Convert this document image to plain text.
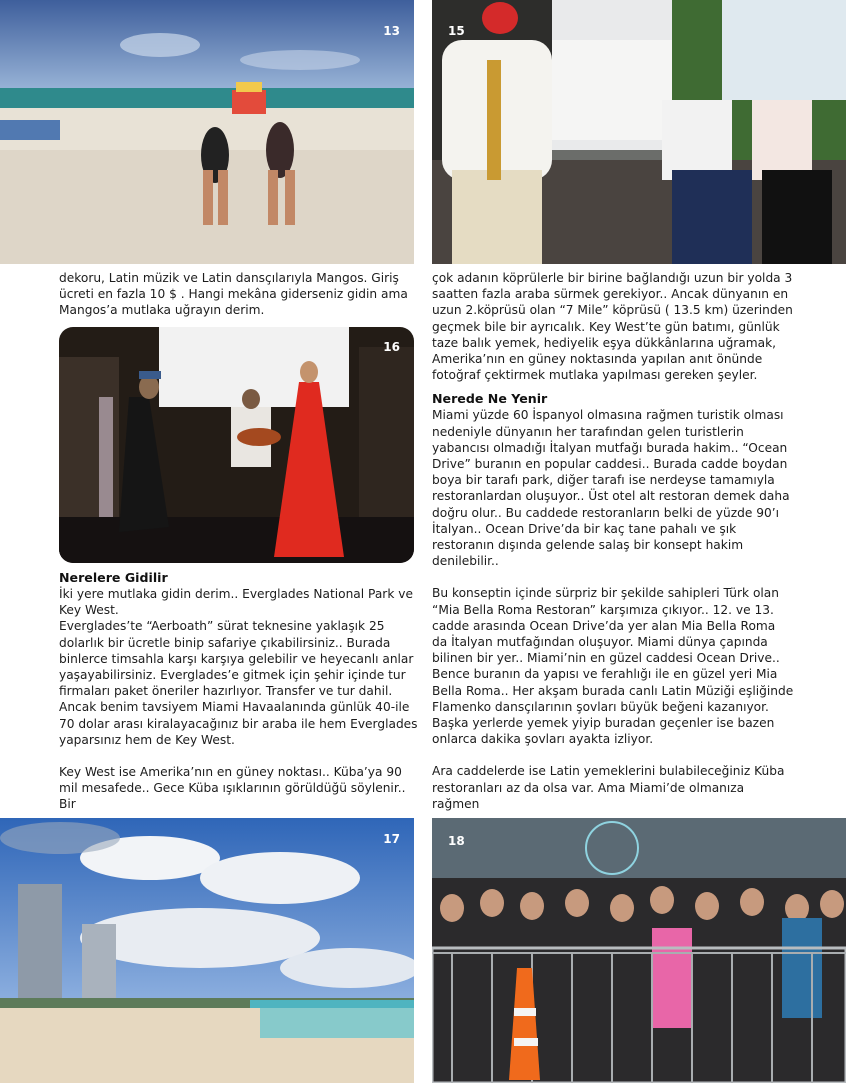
13	15
16
17	18

dekoru, Latin müzik ve Latin dansçılarıyla Mangos. Giriş ücreti en fazla 10 $ . Hangi mekâna giderseniz gidin ama Mangos’a mutlaka uğrayın derim.

Nerelere Gidilir

İki yere mutlaka gidin derim.. Everglades National Park ve Key West.

Everglades’te “Aerboath” sürat teknesine yaklaşık 25 dolarlık bir ücretle binip safariye çıkabilirsiniz.. Burada binlerce timsahla karşı karşıya gelebilir ve heyecanlı anlar yaşayabilirsiniz. Everglades’e gitmek için şehir içinde tur firmaları paket öneriler hazırlıyor. Transfer ve tur dahil. Ancak benim tavsiyem Miami Havaalanında günlük 40-ile 70 dolar arası kiralayacağınız bir araba ile hem Everglades yaparsınız hem de Key West.

Key West ise Amerika’nın en güney noktası.. Küba’ya 90 mil mesafede.. Gece Küba ışıklarının görüldüğü söylenir.. Bir

çok adanın köprülerle bir birine bağlandığı uzun bir yolda 3 saatten fazla araba sürmek gerekiyor.. Ancak dünyanın en uzun 2.köprüsü olan “7 Mile” köprüsü ( 13.5 km) üzerinden geçmek bile bir ayrıcalık. Key West’te gün batımı, günlük taze balık yemek, hediyelik eşya dükkânlarına uğramak, Amerika’nın en güney noktasında yapılan anıt önünde fotoğraf çektirmek mutlaka yapılması gereken şeyler.

Nerede Ne Yenir

Miami yüzde 60 İspanyol olmasına rağmen turistik olması nedeniyle dünyanın her tarafından gelen turistlerin yabancısı olmadığı İtalyan mutfağı burada hakim.. “Ocean Drive” buranın en popular caddesi.. Burada cadde boydan boya bir tarafı park, diğer tarafı ise nerdeyse tamamıyla restoranlardan oluşuyor.. Üst otel alt restoran demek daha doğru olur.. Bu caddede restoranların belki de yüzde 90’ı İtalyan.. Ocean Drive’da bir kaç tane pahalı ve şık restoranın dışında gelende salaş bir konsept hakim denilebilir..

Bu konseptin içinde sürpriz bir şekilde sahipleri Türk olan “Mia Bella Roma Restoran” karşımıza çıkıyor.. 12. ve 13. cadde arasında Ocean Drive’da yer alan Mia Bella Roma da İtalyan mutfağından oluşuyor. Miami dünya çapında bilinen bir yer.. Miami’nin en güzel caddesi Ocean Drive.. Bence buranın da yapısı ve ferahlığı ile en güzel yeri Mia Bella Roma.. Her akşam burada canlı Latin Müziği eşliğinde Flamenko dansçılarının şovları büyük beğeni kazanıyor. Başka yerlerde yemek yiyip buradan geçenler ise bazen onlarca dakika şovları ayakta izliyor.

Ara caddelerde ise Latin yemeklerini bulabileceğiniz Küba restoranları az da olsa var. Ama Miami’de olmanıza rağmen
